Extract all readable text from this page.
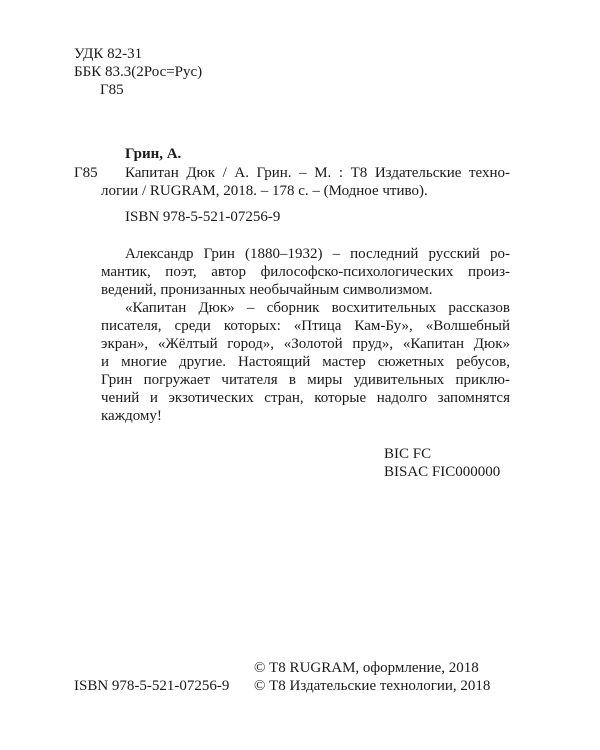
УДК 82-31
ББК 83.3(2Рос=Рус)
Г85
Грин, А.
Г85 Капитан Дюк / А. Грин. – М. : Т8 Издательские техно-
логии / RUGRAM, 2018. – 178 с. – (Модное чтиво).
ISBN 978-5-521-07256-9
Александр Грин (1880–1932) – последний русский ро-
мантик, поэт, автор философско-психологических произ-
ведений, пронизанных необычайным символизмом.
«Капитан Дюк» – сборник восхитительных рассказов
писателя, среди которых: «Птица Кам-Бу», «Волшебный
экран», «Жёлтый город», «Золотой пруд», «Капитан Дюк»
и многие другие. Настоящий мастер сюжетных ребусов,
Грин погружает читателя в миры удивительных приклю-
чений и экзотических стран, которые надолго запомнятся
каждому!
BIC FC
BISAC FIC000000
© Т8 RUGRAM, оформление, 2018
ISBN 978-5-521-07256-9 © Т8 Издательские технологии, 2018
